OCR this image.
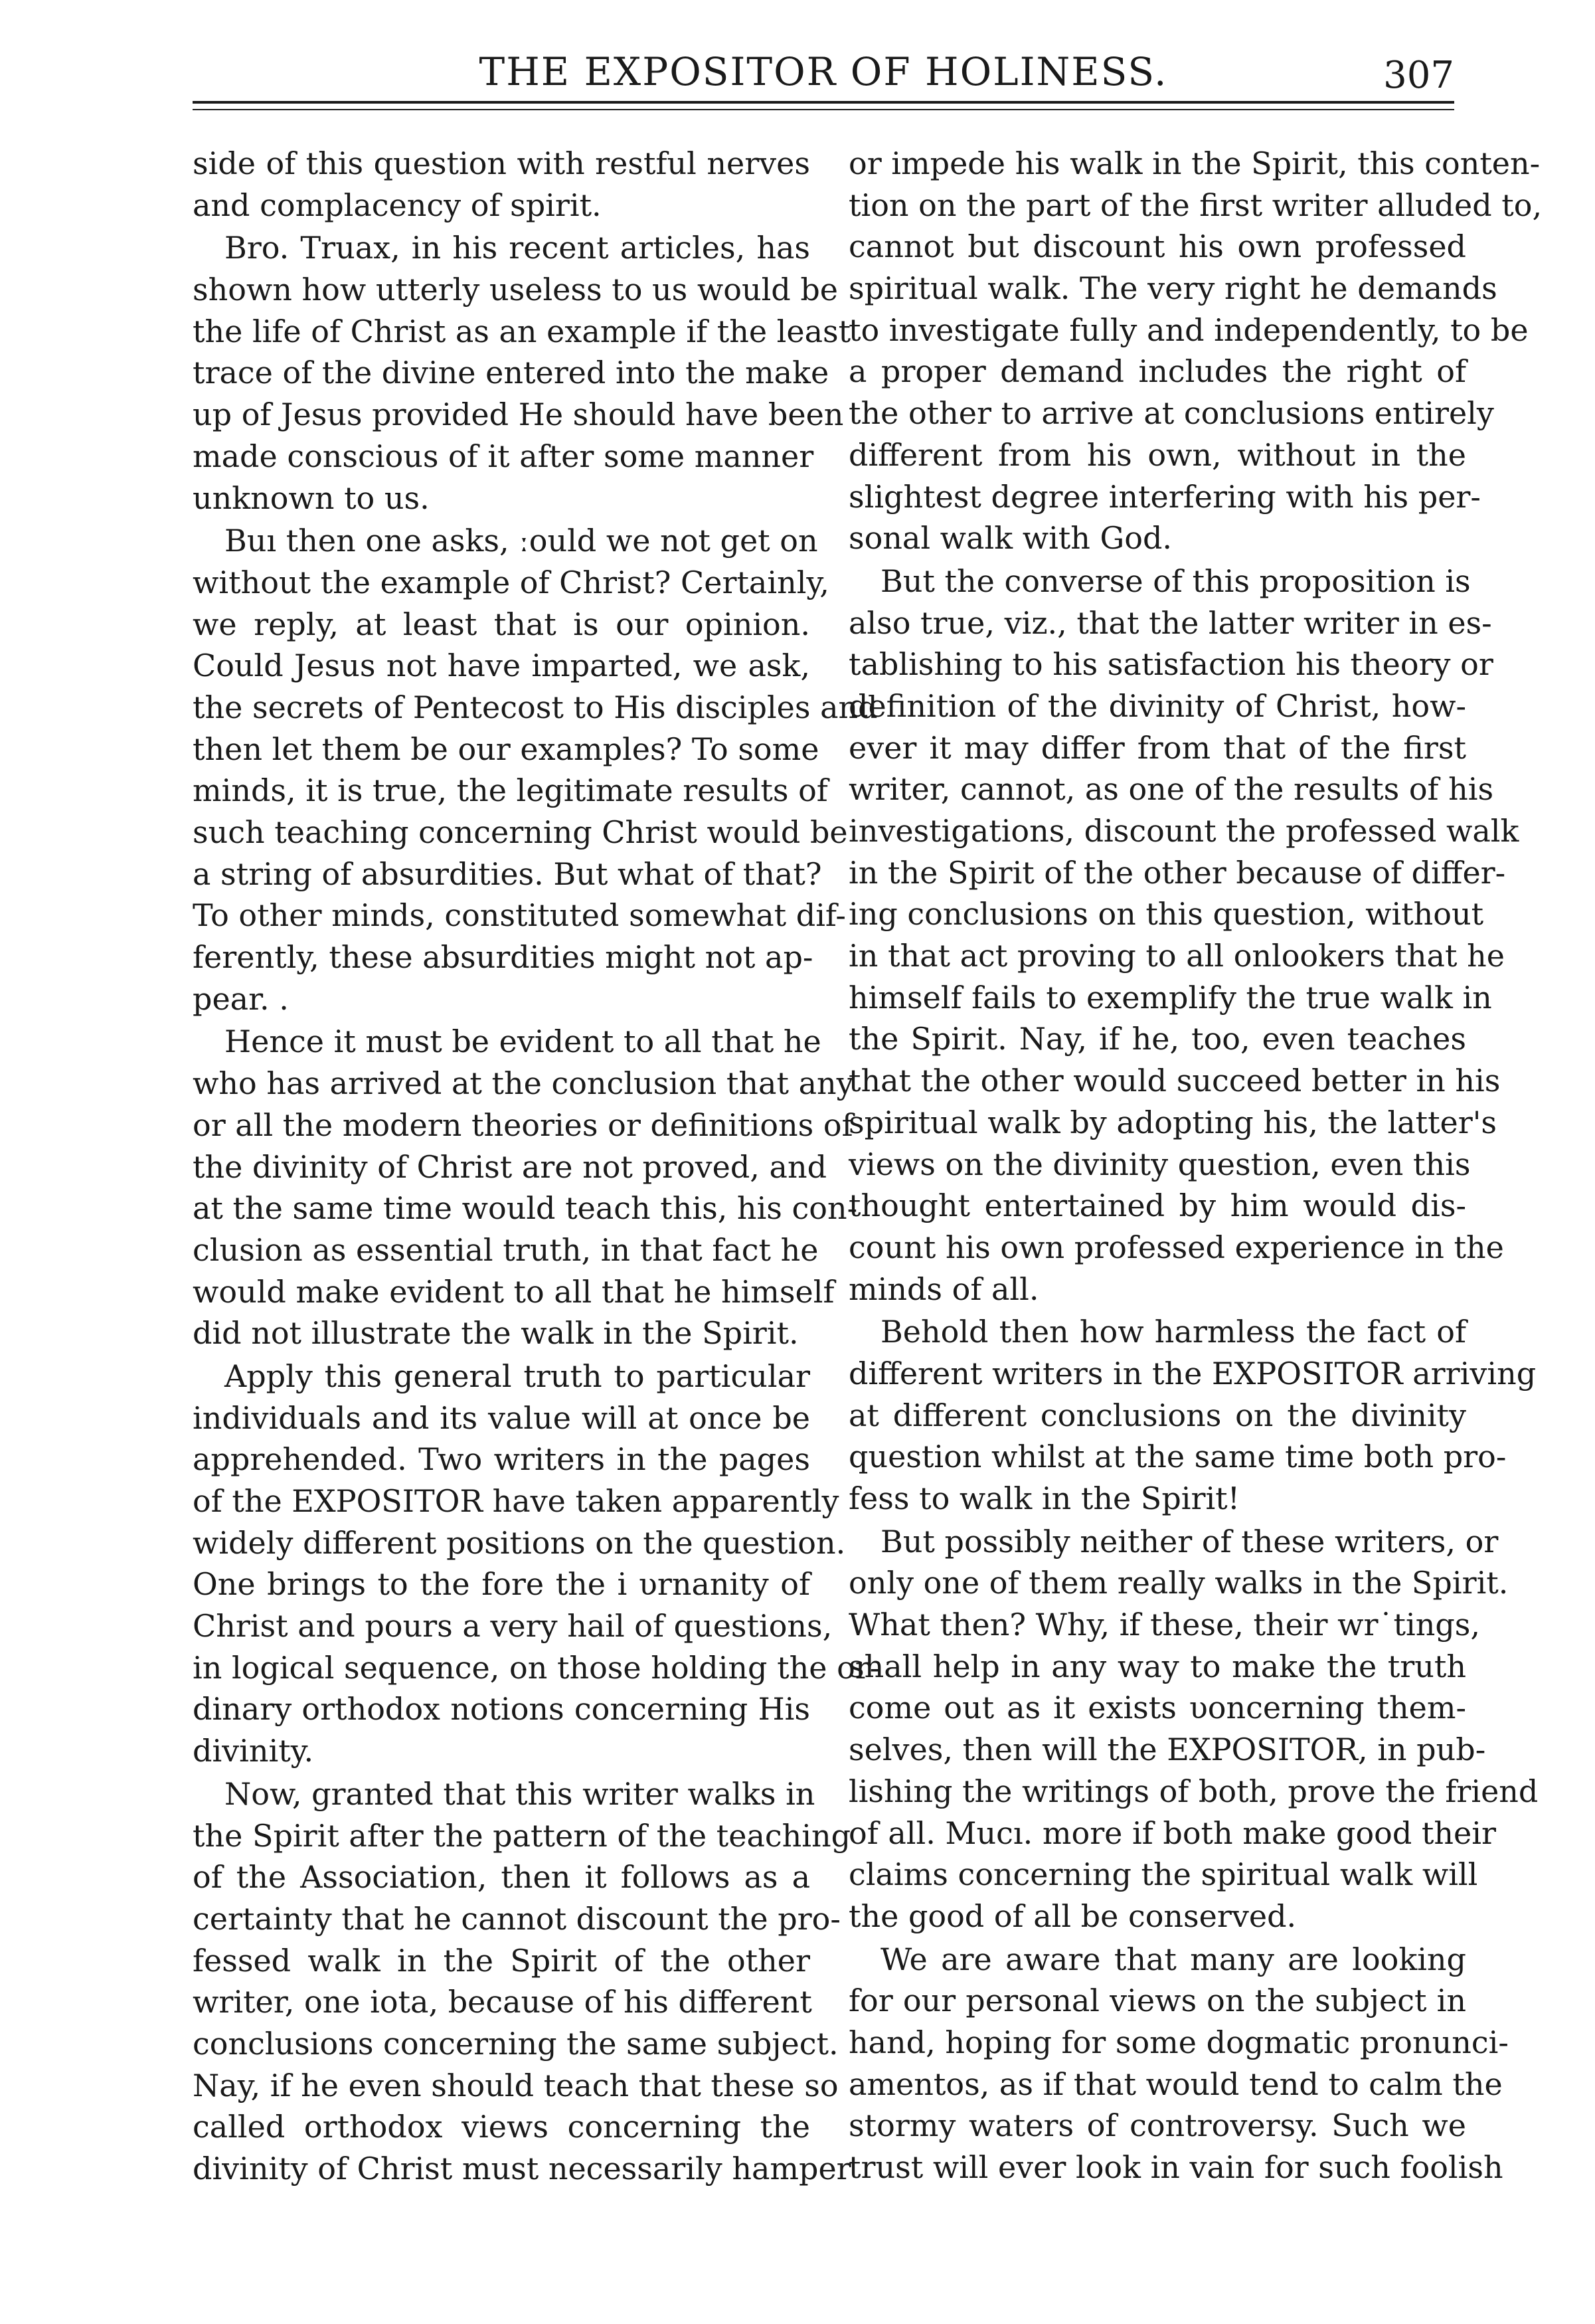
THE EXPOSITOR OF HOLINESS.	307
side of this question with restful nerves
and complacency of spirit.
Bro. Truax, in his recent articles, has
shown how utterly useless to us would be
the life of Christ as an example if the least
trace of the divine entered into the make
up of Jesus provided He should have been
made conscious of it after some manner
unknown to us.
Buı then one asks, ːould we not get on
without the example of Christ? Certainly,
we reply, at least that is our opinion.
Could Jesus not have imparted, we ask,
the secrets of Pentecost to His disciples and
then let them be our examples? To some
minds, it is true, the legitimate results of
such teaching concerning Christ would be
a string of absurdities. But what of that?
To other minds, constituted somewhat dif-
ferently, these absurdities might not ap-
pear. .
Hence it must be evident to all that he
who has arrived at the conclusion that any
or all the modern theories or definitions of
the divinity of Christ are not proved, and
at the same time would teach this, his con-
clusion as essential truth, in that fact he
would make evident to all that he himself
did not illustrate the walk in the Spirit.
Apply this general truth to particular
individuals and its value will at once be
apprehended. Two writers in the pages
of the EXPOSITOR have taken apparently
widely different positions on the question.
One brings to the fore the i υrnanity of
Christ and pours a very hail of questions,
in logical sequence, on those holding the or-
dinary orthodox notions concerning His
divinity.
Now, granted that this writer walks in
the Spirit after the pattern of the teaching
of the Association, then it follows as a
certainty that he cannot discount the pro-
fessed walk in the Spirit of the other
writer, one iota, because of his different
conclusions concerning the same subject.
Nay, if he even should teach that these so
called orthodox views concerning the
divinity of Christ must necessarily hamper
or impede his walk in the Spirit, this conten-
tion on the part of the first writer alluded to,
cannot but discount his own professed
spiritual walk. The very right he demands
to investigate fully and independently, to be
a proper demand includes the right of
the other to arrive at conclusions entirely
different from his own, without in the
slightest degree interfering with his per-
sonal walk with God.
But the converse of this proposition is
also true, viz., that the latter writer in es-
tablishing to his satisfaction his theory or
definition of the divinity of Christ, how-
ever it may differ from that of the first
writer, cannot, as one of the results of his
investigations, discount the professed walk
in the Spirit of the other because of differ-
ing conclusions on this question, without
in that act proving to all onlookers that he
himself fails to exemplify the true walk in
the Spirit. Nay, if he, too, even teaches
that the other would succeed better in his
spiritual walk by adopting his, the latter's
views on the divinity question, even this
thought entertained by him would dis-
count his own professed experience in the
minds of all.
Behold then how harmless the fact of
different writers in the EXPOSITOR arriving
at different conclusions on the divinity
question whilst at the same time both pro-
fess to walk in the Spirit!
But possibly neither of these writers, or
only one of them really walks in the Spirit.
What then? Why, if these, their wr˙tings,
shall help in any way to make the truth
come out as it exists υoncerning them-
selves, then will the EXPOSITOR, in pub-
lishing the writings of both, prove the friend
of all. Mucı. more if both make good their
claims concerning the spiritual walk will
the good of all be conserved.
We are aware that many are looking
for our personal views on the subject in
hand, hoping for some dogmatic pronunci-
amentos, as if that would tend to calm the
stormy waters of controversy. Such we
trust will ever look in vain for such foolish
